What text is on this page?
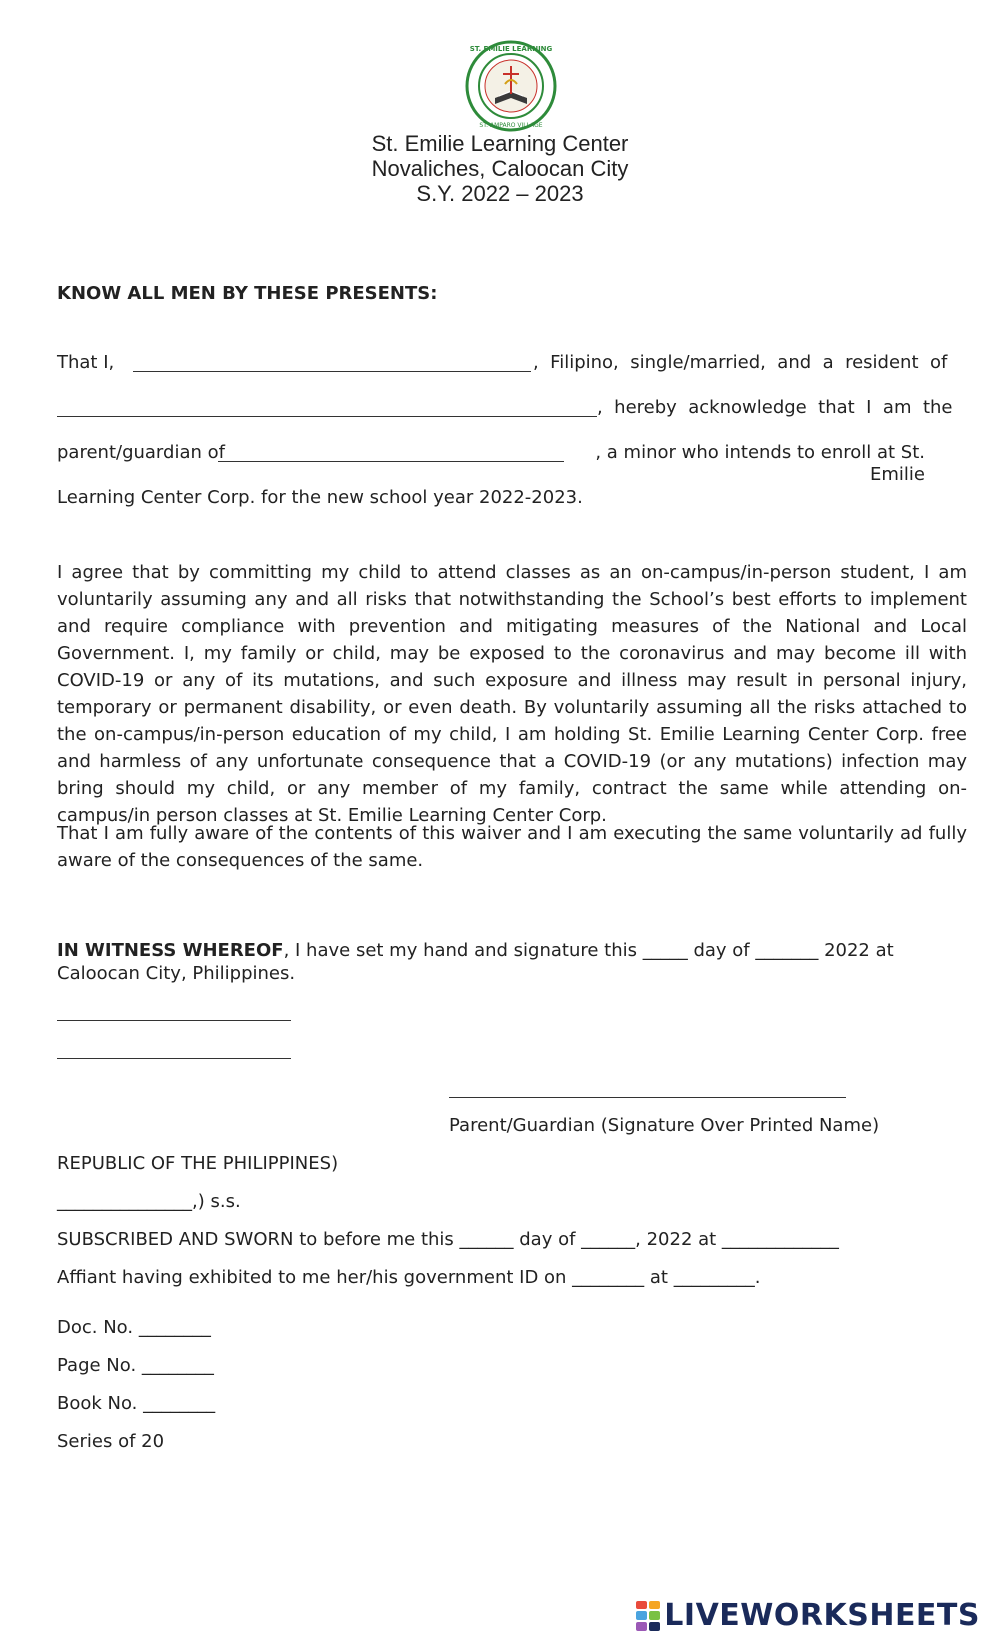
ST. EMILIE LEARNING
ST. AMPARO VILLAGE
St. Emilie Learning Center
Novaliches, Caloocan City
S.Y. 2022 – 2023
KNOW ALL MEN BY THESE PRESENTS:
That I,	,  Filipino,  single/married,  and  a  resident  of
,  hereby  acknowledge  that  I  am  the
parent/guardian of	, a minor who intends to enroll at St. Emilie
Learning Center Corp. for the new school year 2022-2023.
I agree that by committing my child to attend classes as an on-campus/in-person student, I am voluntarily assuming any and all risks that notwithstanding the School’s best efforts to implement and require compliance with prevention and mitigating measures of the National and Local Government. I, my family or child, may be exposed to the coronavirus and may become ill with COVID-19 or any of its mutations, and such exposure and illness may result in personal injury, temporary or permanent disability, or even death. By voluntarily assuming all the risks attached to the on-campus/in-person education of my child, I am holding St. Emilie Learning Center Corp. free and harmless of any unfortunate consequence that a COVID-19 (or any mutations) infection may bring should my child, or any member of my family, contract the same while attending on-campus/in person classes at St. Emilie Learning Center Corp.
That I am fully aware of the contents of this waiver and I am executing the same voluntarily ad fully aware of the consequences of the same.
IN WITNESS WHEREOF, I have set my hand and signature this _____ day of _______ 2022 at
Caloocan City, Philippines.
Parent/Guardian (Signature Over Printed Name)
REPUBLIC OF THE PHILIPPINES)
_______________,) s.s.
SUBSCRIBED AND SWORN to before me this ______ day of ______, 2022 at _____________
Affiant having exhibited to me her/his government ID on ________ at _________.
Doc. No. ________
Page No. ________
Book No. ________
Series of 20
LIVEWORKSHEETS
